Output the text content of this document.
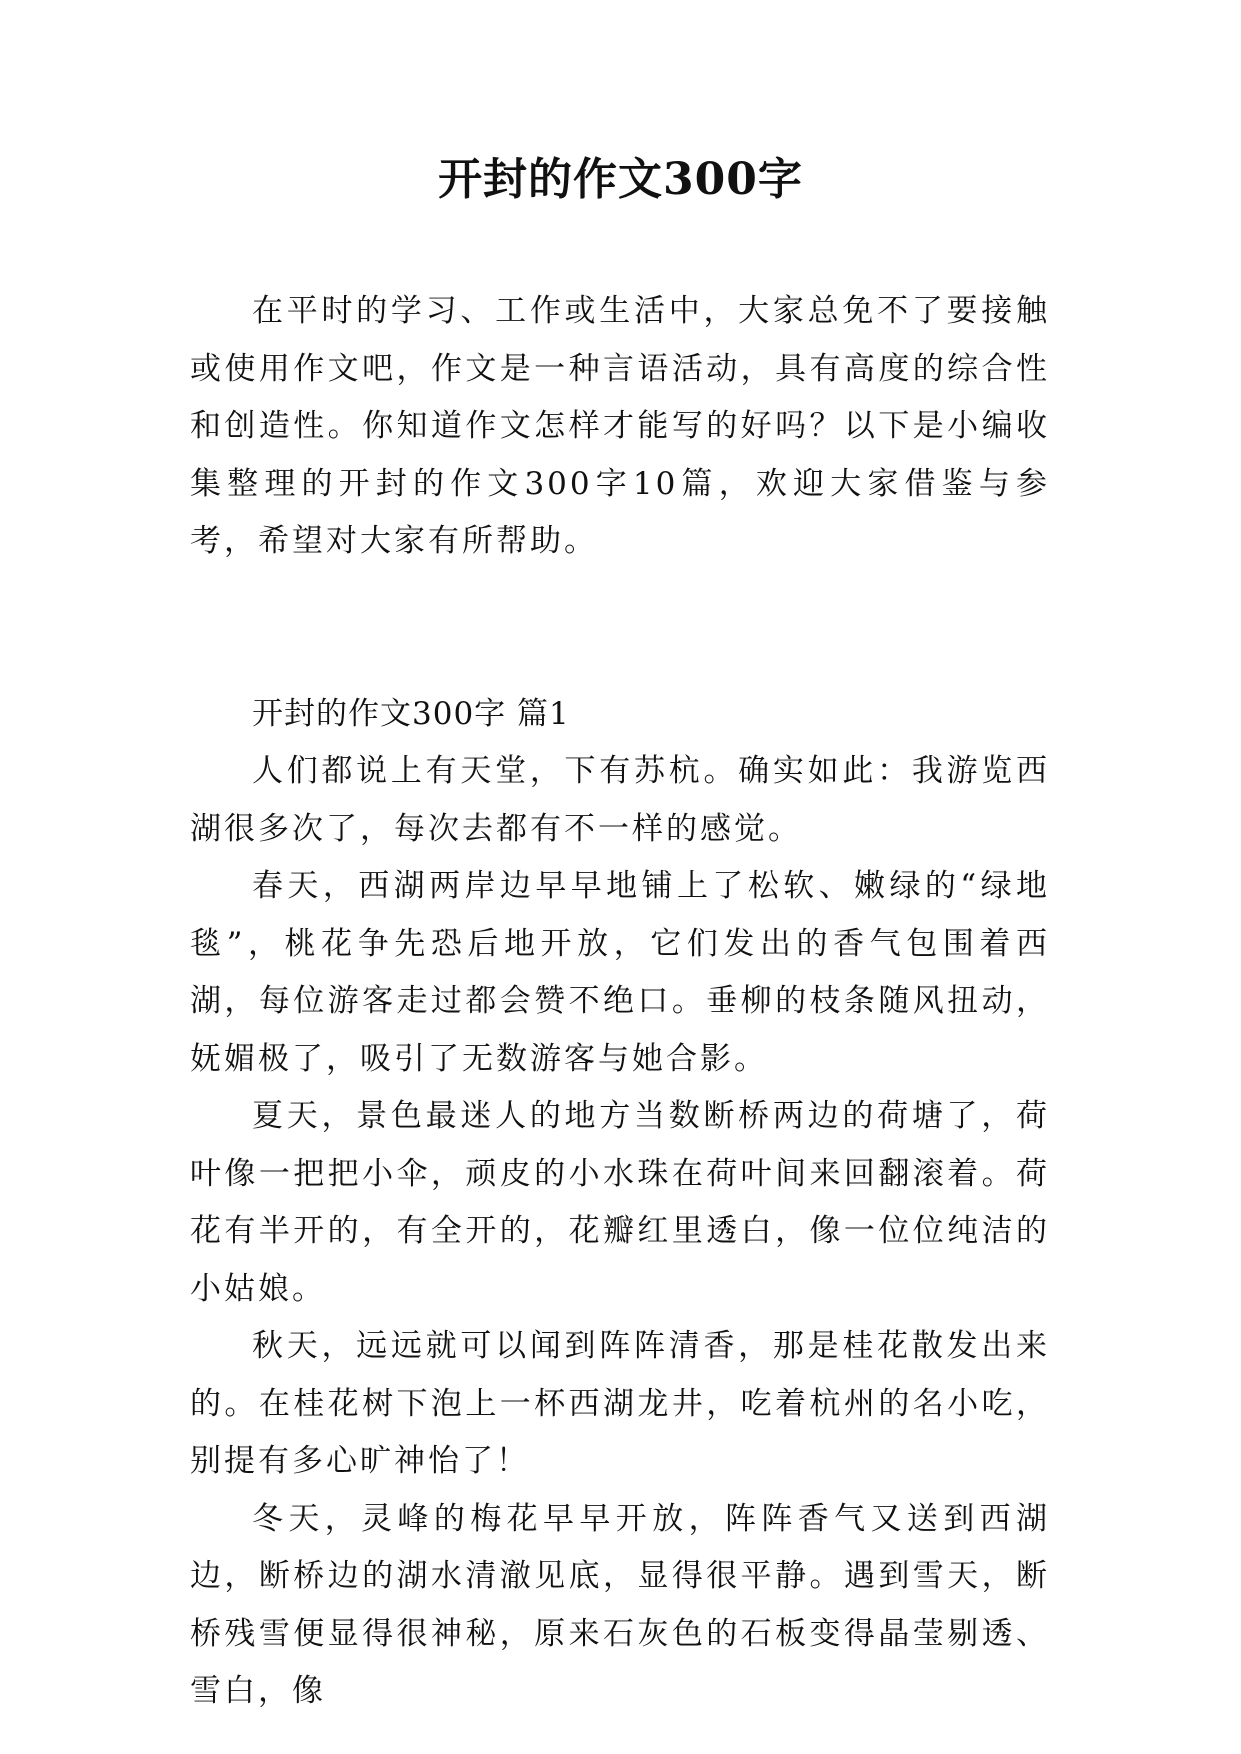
开封的作文300字

在平时的学习、工作或生活中，大家总免不了要接触或使用作文吧，作文是一种言语活动，具有高度的综合性和创造性。你知道作文怎样才能写的好吗？以下是小编收集整理的开封的作文300字10篇，欢迎大家借鉴与参考，希望对大家有所帮助。

开封的作文300字 篇1

人们都说上有天堂，下有苏杭。确实如此：我游览西湖很多次了，每次去都有不一样的感觉。

春天，西湖两岸边早早地铺上了松软、嫩绿的“绿地毯”，桃花争先恐后地开放，它们发出的香气包围着西湖，每位游客走过都会赞不绝口。垂柳的枝条随风扭动，妩媚极了，吸引了无数游客与她合影。

夏天，景色最迷人的地方当数断桥两边的荷塘了，荷叶像一把把小伞，顽皮的小水珠在荷叶间来回翻滚着。荷花有半开的，有全开的，花瓣红里透白，像一位位纯洁的小姑娘。

秋天，远远就可以闻到阵阵清香，那是桂花散发出来的。在桂花树下泡上一杯西湖龙井，吃着杭州的名小吃，别提有多心旷神怡了！

冬天，灵峰的梅花早早开放，阵阵香气又送到西湖边，断桥边的湖水清澈见底，显得很平静。遇到雪天，断桥残雪便显得很神秘，原来石灰色的石板变得晶莹剔透、雪白，像
